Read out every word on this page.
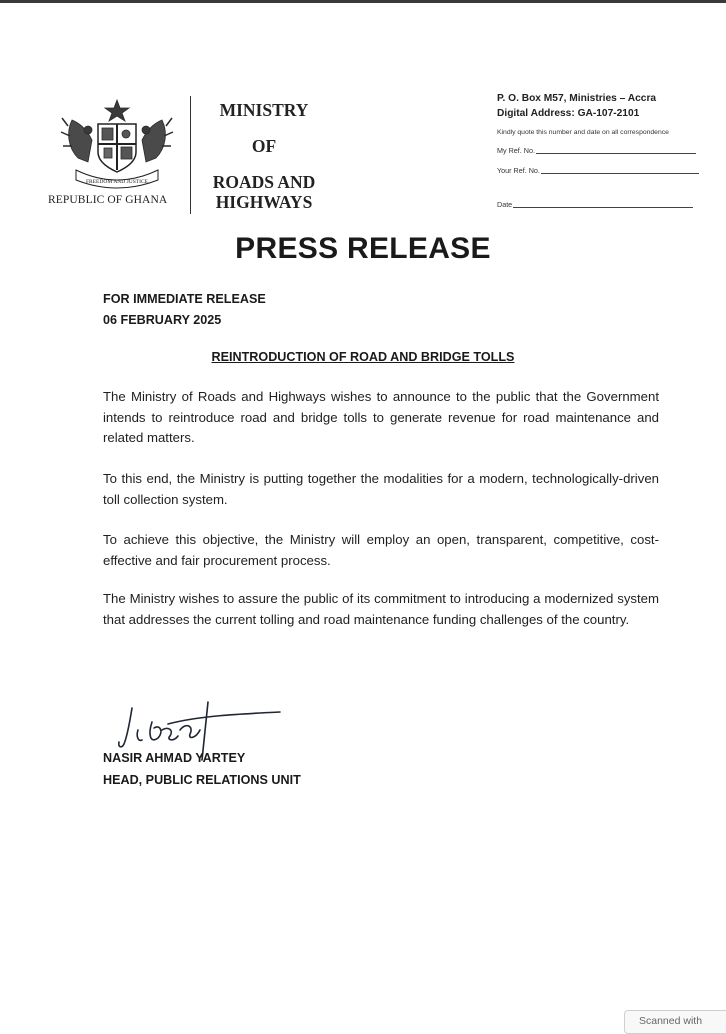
FREEDOM AND JUSTICE
REPUBLIC OF GHANA
MINISTRY
OF
ROADS AND
HIGHWAYS
P. O. Box M57, Ministries – Accra
Digital Address: GA-107-2101
Kindly quote this number and date on all correspondence
My Ref. No.
Your Ref. No.
Date
PRESS RELEASE
FOR IMMEDIATE RELEASE
06 FEBRUARY 2025
REINTRODUCTION OF ROAD AND BRIDGE TOLLS

The Ministry of Roads and Highways wishes to announce to the public that the Government intends to reintroduce road and bridge tolls to generate revenue for road maintenance and related matters.

To this end, the Ministry is putting together the modalities for a modern, technologically-driven toll collection system.

To achieve this objective, the Ministry will employ an open, transparent, competitive, cost-effective and fair procurement process.

The Ministry wishes to assure the public of its commitment to introducing a modernized system that addresses the current tolling and road maintenance funding challenges of the country.

NASIR AHMAD YARTEY
HEAD, PUBLIC RELATIONS UNIT
Scanned with
